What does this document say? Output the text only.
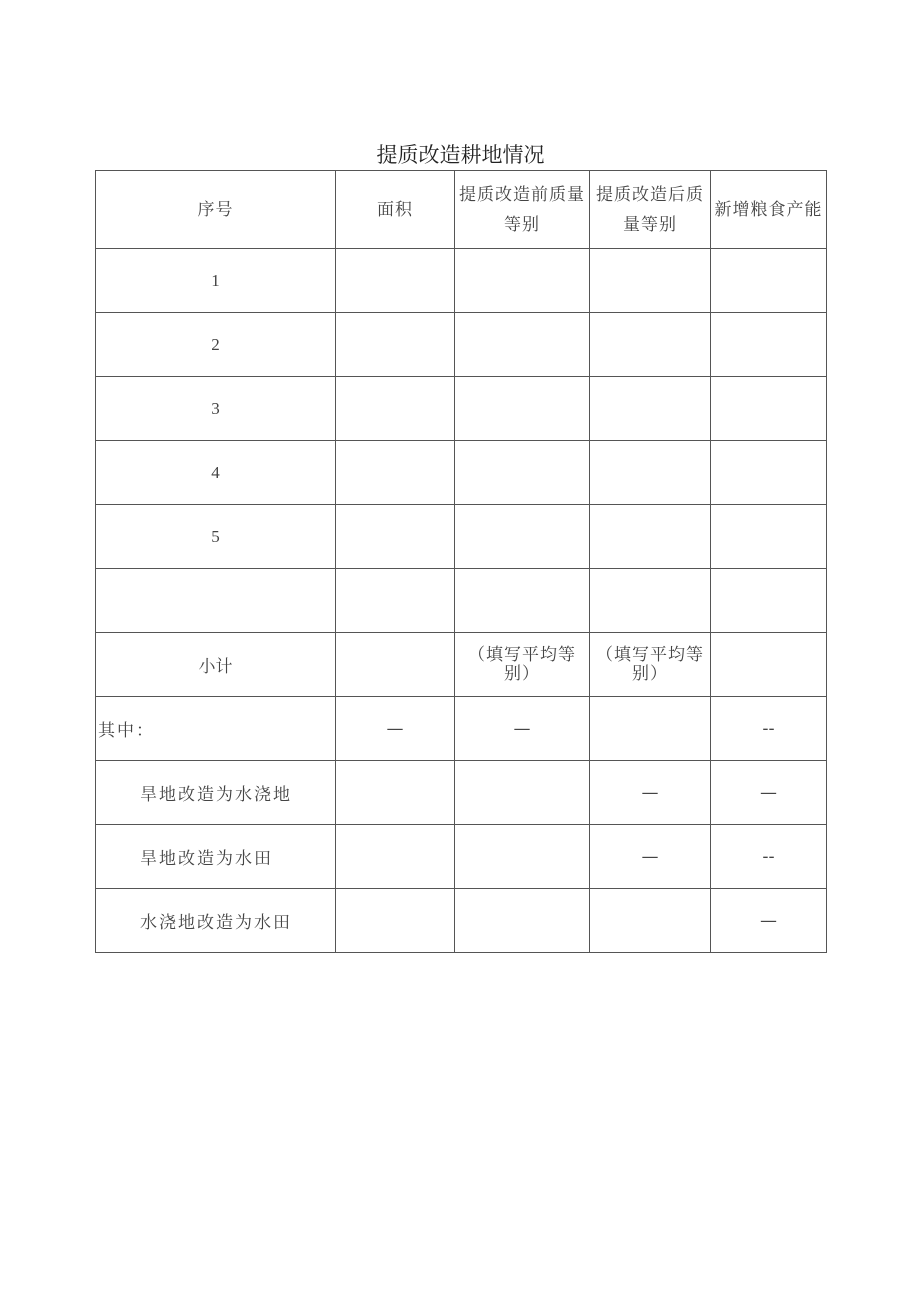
提质改造耕地情况
序号	面积	提质改造前质量等别	提质改造后质量等别	新增粮食产能
1				
2				
3				
4				
5				

小计		（填写平均等别）	（填写平均等别）	
其中：	—	—		--
旱地改造为水浇地			—	—
旱地改造为水田			—	--
水浇地改造为水田				—
